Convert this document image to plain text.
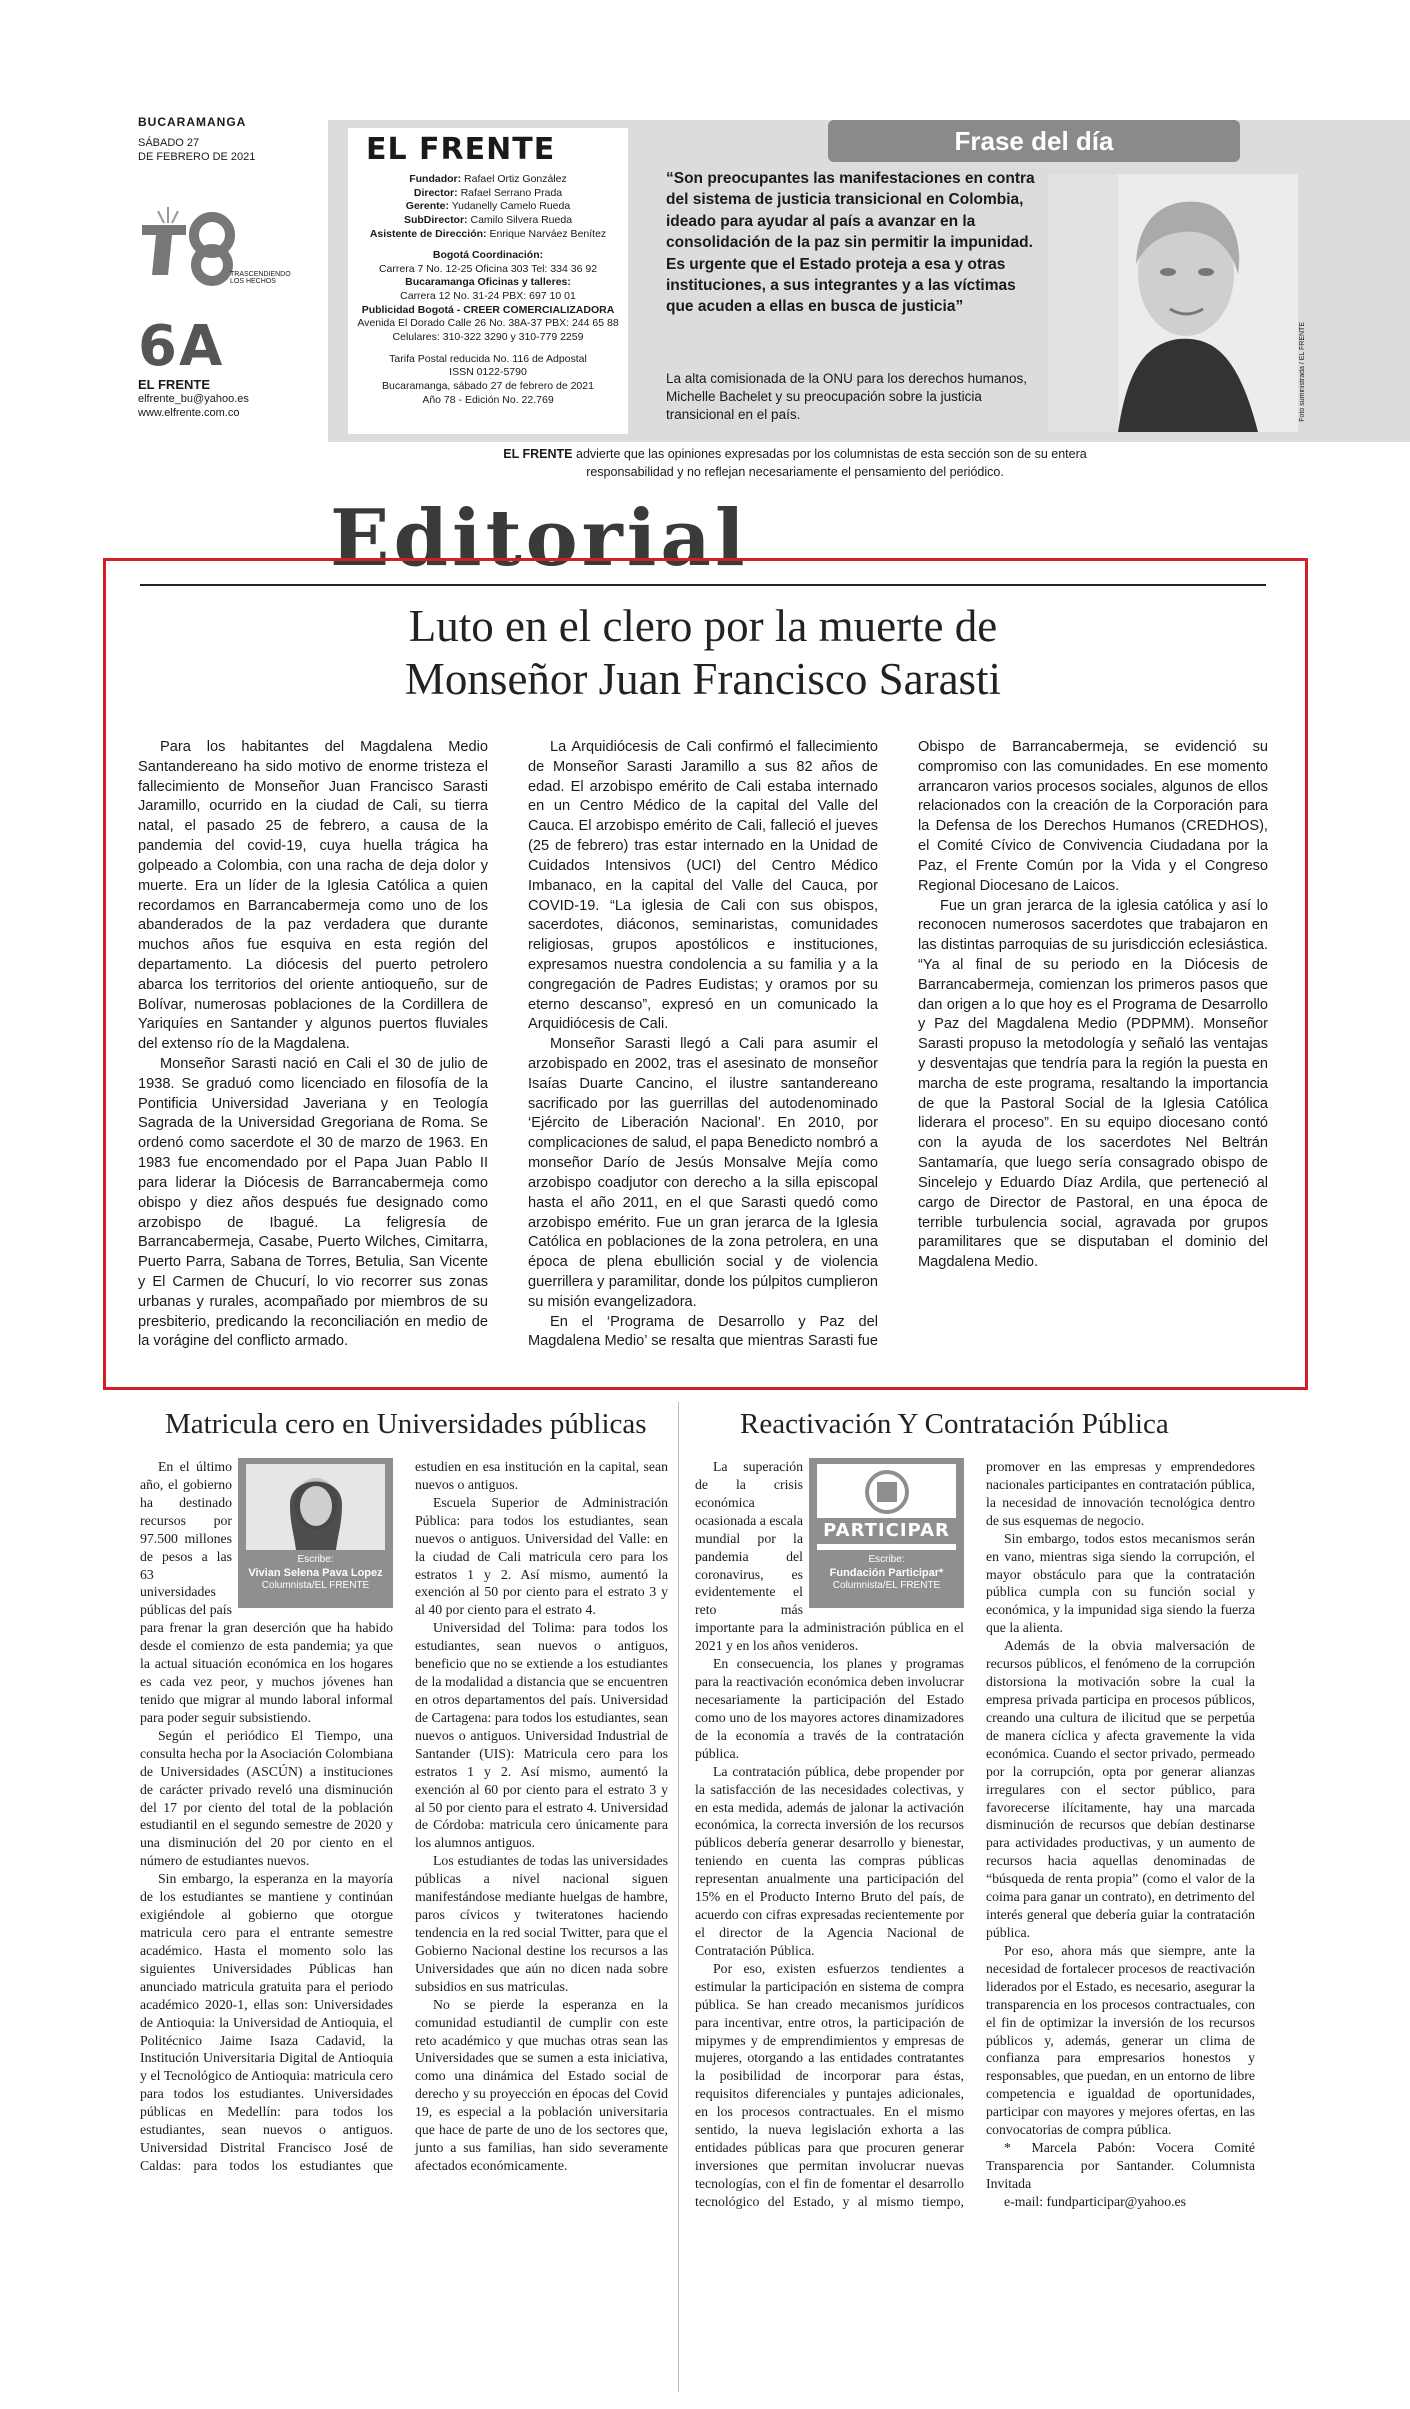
BUCARAMANGA
SÁBADO 27
DE FEBRERO DE 2021
TRASCENDIENDO
LOS HECHOS
6A
EL FRENTE
elfrente_bu@yahoo.es
www.elfrente.com.co
EL FRENTE
Fundador: Rafael Ortiz González
Director: Rafael Serrano Prada
Gerente: Yudanelly Camelo Rueda
SubDirector: Camilo Silvera Rueda
Asistente de Dirección: Enrique Narváez Benítez
Bogotá Coordinación:
Carrera 7 No. 12-25 Oficina 303 Tel: 334 36 92
Bucaramanga Oficinas y talleres:
Carrera 12 No. 31-24 PBX: 697 10 01
Publicidad Bogotá - CREER COMERCIALIZADORA
Avenida El Dorado Calle 26 No. 38A-37 PBX: 244 65 88
Celulares: 310-322 3290 y 310-779 2259
Tarifa Postal reducida No. 116 de Adpostal
ISSN 0122-5790
Bucaramanga, sábado 27 de febrero de 2021
Año 78 - Edición No. 22.769
Frase del día
“Son preocupantes las manifestaciones en contra del sistema de justicia transicional en Colombia, ideado para ayudar al país a avanzar en la consolidación de la paz sin permitir la impunidad. Es urgente que el Estado proteja a esa y otras instituciones, a sus integrantes y a las víctimas que acuden a ellas en busca de justicia”
La alta comisionada de la ONU para los derechos humanos, Michelle Bachelet y su preocupación sobre la justicia transicional en el país.	Foto suministrada / EL FRENTE
EL FRENTE advierte que las opiniones expresadas por los columnistas de esta sección son de su entera responsabilidad y no reflejan necesariamente el pensamiento del periódico.
Editorial
Luto en el clero por la muerte de
Monseñor Juan Francisco Sarasti

Para los habitantes del Magdalena Medio Santandereano ha sido motivo de enorme tristeza el fallecimiento de Monseñor Juan Francisco Sarasti Jaramillo, ocurrido en la ciudad de Cali, su tierra natal, el pasado 25 de febrero, a causa de la pandemia del covid-19, cuya huella trágica ha golpeado a Colombia, con una racha de deja dolor y muerte. Era un líder de la Iglesia Católica a quien recordamos en Barrancabermeja como uno de los abanderados de la paz verdadera que durante muchos años fue esquiva en esta región del departamento. La diócesis del puerto petrolero abarca los territorios del oriente antioqueño, sur de Bolívar, numerosas poblaciones de la Cordillera de Yariquíes en Santander y algunos puertos fluviales del extenso río de la Magdalena.

Monseñor Sarasti nació en Cali el 30 de julio de 1938. Se graduó como licenciado en filosofía de la Pontificia Universidad Javeriana y en Teología Sagrada de la Universidad Gregoriana de Roma. Se ordenó como sacerdote el 30 de marzo de 1963. En 1983 fue encomendado por el Papa Juan Pablo II para liderar la Diócesis de Barrancabermeja como obispo y diez años después fue designado como arzobispo de Ibagué. La feligresía de Barrancabermeja, Casabe, Puerto Wilches, Cimitarra, Puerto Parra, Sabana de Torres, Betulia, San Vicente y El Carmen de Chucurí, lo vio recorrer sus zonas urbanas y rurales, acompañado por miembros de su presbiterio, predicando la reconciliación en medio de la vorágine del conflicto armado.

La Arquidiócesis de Cali confirmó el fallecimiento de Monseñor Sarasti Jaramillo a sus 82 años de edad. El arzobispo emérito de Cali estaba internado en un Centro Médico de la capital del Valle del Cauca. El arzobispo emérito de Cali, falleció el jueves (25 de febrero) tras estar internado en la Unidad de Cuidados Intensivos (UCI) del Centro Médico Imbanaco, en la capital del Valle del Cauca, por COVID-19. “La iglesia de Cali con sus obispos, sacerdotes, diáconos, seminaristas, comunidades religiosas, grupos apostólicos e instituciones, expresamos nuestra condolencia a su familia y a la congregación de Padres Eudistas; y oramos por su eterno descanso”, expresó en un comunicado la Arquidiócesis de Cali.

Monseñor Sarasti llegó a Cali para asumir el arzobispado en 2002, tras el asesinato de monseñor Isaías Duarte Cancino, el ilustre santandereano sacrificado por las guerrillas del autodenominado ‘Ejército de Liberación Nacional’. En 2010, por complicaciones de salud, el papa Benedicto nombró a monseñor Darío de Jesús Monsalve Mejía como arzobispo coadjutor con derecho a la silla episcopal hasta el año 2011, en el que Sarasti quedó como arzobispo emérito. Fue un gran jerarca de la Iglesia Católica en poblaciones de la zona petrolera, en una época de plena ebullición social y de violencia guerrillera y paramilitar, donde los púlpitos cumplieron su misión evangelizadora.

En el ‘Programa de Desarrollo y Paz del Magdalena Medio’ se resalta que mientras Sarasti fue Obispo de Barrancabermeja, se evidenció su compromiso con las comunidades. En ese momento arrancaron varios procesos sociales, algunos de ellos relacionados con la creación de la Corporación para la Defensa de los Derechos Humanos (CREDHOS), el Comité Cívico de Convivencia Ciudadana por la Paz, el Frente Común por la Vida y el Congreso Regional Diocesano de Laicos.

Fue un gran jerarca de la iglesia católica y así lo reconocen numerosos sacerdotes que trabajaron en las distintas parroquias de su jurisdicción eclesiástica. “Ya al final de su periodo en la Diócesis de Barrancabermeja, comienzan los primeros pasos que dan origen a lo que hoy es el Programa de Desarrollo y Paz del Magdalena Medio (PDPMM). Monseñor Sarasti propuso la metodología y señaló las ventajas y desventajas que tendría para la región la puesta en marcha de este programa, resaltando la importancia de que la Pastoral Social de la Iglesia Católica liderara el proceso”. En su equipo diocesano contó con la ayuda de los sacerdotes Nel Beltrán Santamaría, que luego sería consagrado obispo de Sincelejo y Eduardo Díaz Ardila, que perteneció al cargo de Director de Pastoral, en una época de terrible turbulencia social, agravada por grupos paramilitares que se disputaban el dominio del Magdalena Medio.

Matricula cero en Universidades públicas	Reactivación Y Contratación Pública
Escribe:
Vivian Selena Pava Lopez
Columnista/EL FRENTE

En el último año, el gobierno ha destinado recursos por 97.500 millones de pesos a las 63 universidades públicas del país para frenar la gran deserción que ha habido desde el comienzo de esta pandemia; ya que la actual situación económica en los hogares es cada vez peor, y muchos jóvenes han tenido que migrar al mundo laboral informal para poder seguir subsistiendo.

Según el periódico El Tiempo, una consulta hecha por la Asociación Colombiana de Universidades (ASCÚN) a instituciones de carácter privado reveló una disminución del 17 por ciento del total de la población estudiantil en el segundo semestre de 2020 y una disminución del 20 por ciento en el número de estudiantes nuevos.

Sin embargo, la esperanza en la mayoría de los estudiantes se mantiene y continúan exigiéndole al gobierno que otorgue matricula cero para el entrante semestre académico. Hasta el momento solo las siguientes Universidades Públicas han anunciado matricula gratuita para el periodo académico 2020-1, ellas son: Universidades de Antioquia: la Universidad de Antioquia, el Politécnico Jaime Isaza Cadavid, la Institución Universitaria Digital de Antioquia y el Tecnológico de Antioquia: matricula cero para todos los estudiantes. Universidades públicas en Medellín: para todos los estudiantes, sean nuevos o antiguos. Universidad Distrital Francisco José de Caldas: para todos los estudiantes que estudien en esa institución en la capital, sean nuevos o antiguos.

Escuela Superior de Administración Pública: para todos los estudiantes, sean nuevos o antiguos. Universidad del Valle: en la ciudad de Cali matricula cero para los estratos 1 y 2. Así mismo, aumentó la exención al 50 por ciento para el estrato 3 y al 40 por ciento para el estrato 4.

Universidad del Tolima: para todos los estudiantes, sean nuevos o antiguos, beneficio que no se extiende a los estudiantes de la modalidad a distancia que se encuentren en otros departamentos del país. Universidad de Cartagena: para todos los estudiantes, sean nuevos o antiguos. Universidad Industrial de Santander (UIS): Matricula cero para los estratos 1 y 2. Así mismo, aumentó la exención al 60 por ciento para el estrato 3 y al 50 por ciento para el estrato 4. Universidad de Córdoba: matricula cero únicamente para los alumnos antiguos.

Los estudiantes de todas las universidades públicas a nivel nacional siguen manifestándose mediante huelgas de hambre, paros cívicos y twiteratones haciendo tendencia en la red social Twitter, para que el Gobierno Nacional destine los recursos a las Universidades que aún no dicen nada sobre subsidios en sus matriculas.

No se pierde la esperanza en la comunidad estudiantil de cumplir con este reto académico y que muchas otras sean las Universidades que se sumen a esta iniciativa, como una dinámica del Estado social de derecho y su proyección en épocas del Covid 19, es especial a la población universitaria que hace de parte de uno de los sectores que, junto a sus familias, han sido severamente afectados económicamente.

PARTICIPAR
Escribe:
Fundación Participar*
Columnista/EL FRENTE

La superación de la crisis económica ocasionada a escala mundial por la pandemia del coronavirus, es evidentemente el reto más importante para la administración pública en el 2021 y en los años venideros.

En consecuencia, los planes y programas para la reactivación económica deben involucrar necesariamente la participación del Estado como uno de los mayores actores dinamizadores de la economía a través de la contratación pública.

La contratación pública, debe propender por la satisfacción de las necesidades colectivas, y en esta medida, además de jalonar la activación económica, la correcta inversión de los recursos públicos debería generar desarrollo y bienestar, teniendo en cuenta las compras públicas representan anualmente una participación del 15% en el Producto Interno Bruto del país, de acuerdo con cifras expresadas recientemente por el director de la Agencia Nacional de Contratación Pública.

Por eso, existen esfuerzos tendientes a estimular la participación en sistema de compra pública. Se han creado mecanismos jurídicos para incentivar, entre otros, la participación de mipymes y de emprendimientos y empresas de mujeres, otorgando a las entidades contratantes la posibilidad de incorporar para éstas, requisitos diferenciales y puntajes adicionales, en los procesos contractuales. En el mismo sentido, la nueva legislación exhorta a las entidades públicas para que procuren generar inversiones que permitan involucrar nuevas tecnologías, con el fin de fomentar el desarrollo tecnológico del Estado, y al mismo tiempo, promover en las empresas y emprendedores nacionales participantes en contratación pública, la necesidad de innovación tecnológica dentro de sus esquemas de negocio.

Sin embargo, todos estos mecanismos serán en vano, mientras siga siendo la corrupción, el mayor obstáculo para que la contratación pública cumpla con su función social y económica, y la impunidad siga siendo la fuerza que la alienta.

Además de la obvia malversación de recursos públicos, el fenómeno de la corrupción distorsiona la motivación sobre la cual la empresa privada participa en procesos públicos, creando una cultura de ilicitud que se perpetúa de manera cíclica y afecta gravemente la vida económica. Cuando el sector privado, permeado por la corrupción, opta por generar alianzas irregulares con el sector público, para favorecerse ilícitamente, hay una marcada disminución de recursos que debían destinarse para actividades productivas, y un aumento de recursos hacia aquellas denominadas de “búsqueda de renta propia” (como el valor de la coima para ganar un contrato), en detrimento del interés general que debería guiar la contratación pública.

Por eso, ahora más que siempre, ante la necesidad de fortalecer procesos de reactivación liderados por el Estado, es necesario, asegurar la transparencia en los procesos contractuales, con el fin de optimizar la inversión de los recursos públicos y, además, generar un clima de confianza para empresarios honestos y responsables, que puedan, en un entorno de libre competencia e igualdad de oportunidades, participar con mayores y mejores ofertas, en las convocatorias de compra pública.

* Marcela Pabón: Vocera Comité Transparencia por Santander. Columnista Invitada

e-mail: fundparticipar@yahoo.es
